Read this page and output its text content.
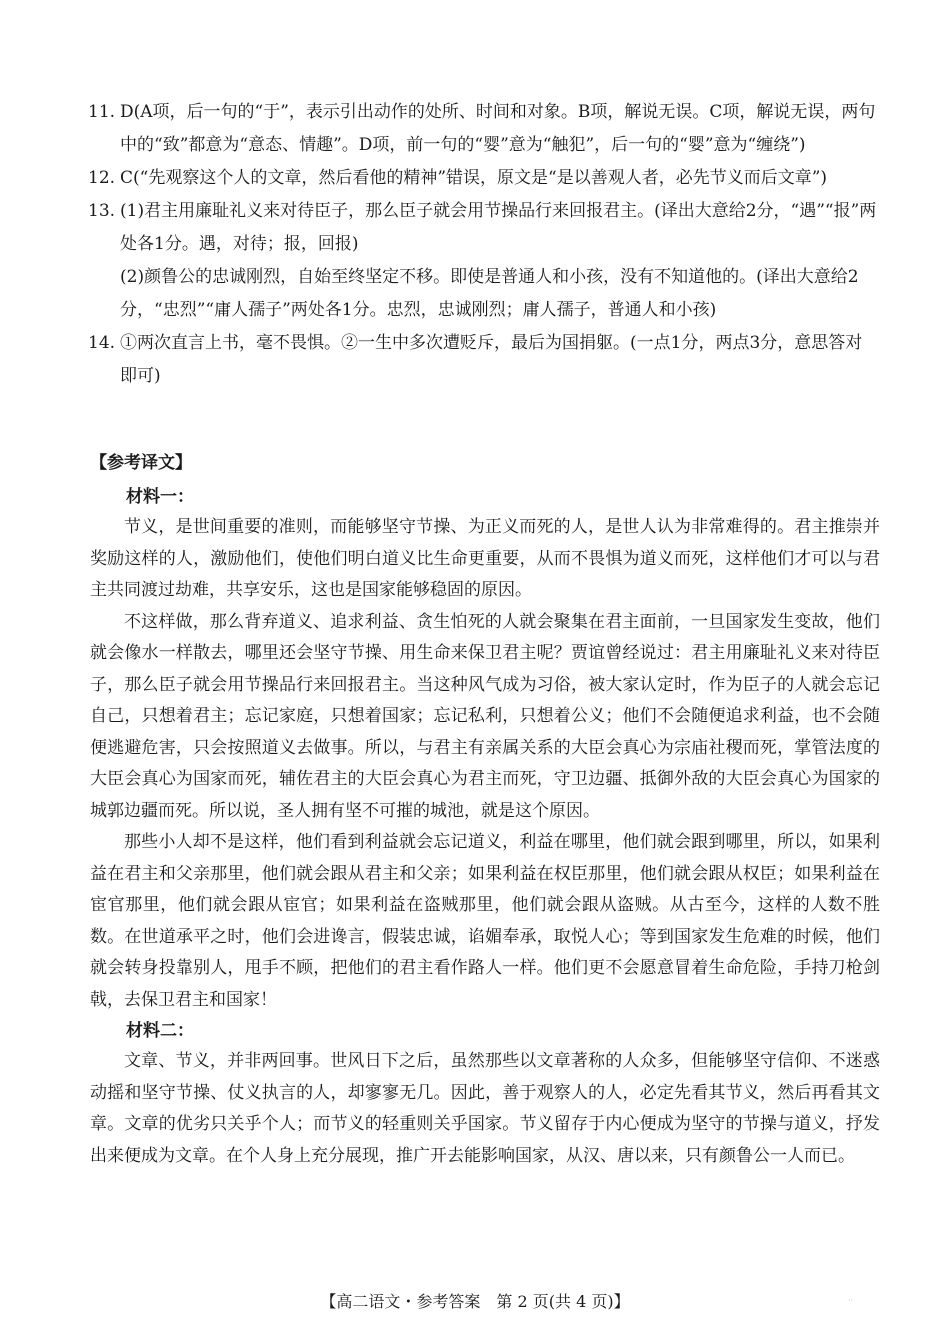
11. D(A项，后一句的“于”，表示引出动作的处所、时间和对象。B项，解说无误。C项，解说无误，两句中的“致”都意为“意态、情趣”。D项，前一句的“婴”意为“触犯”，后一句的“婴”意为“缠绕”)

12. C(“先观察这个人的文章，然后看他的精神”错误，原文是“是以善观人者，必先节义而后文章”)

13. (1)君主用廉耻礼义来对待臣子，那么臣子就会用节操品行来回报君主。(译出大意给2分，“遇”“报”两处各1分。遇，对待；报，回报)

(2)颜鲁公的忠诚刚烈，自始至终坚定不移。即使是普通人和小孩，没有不知道他的。(译出大意给2分，“忠烈”“庸人孺子”两处各1分。忠烈，忠诚刚烈；庸人孺子，普通人和小孩)

14. ①两次直言上书，毫不畏惧。②一生中多次遭贬斥，最后为国捐躯。(一点1分，两点3分，意思答对即可)

【参考译文】

材料一：

节义，是世间重要的准则，而能够坚守节操、为正义而死的人，是世人认为非常难得的。君主推崇并奖励这样的人，激励他们，使他们明白道义比生命更重要，从而不畏惧为道义而死，这样他们才可以与君主共同渡过劫难，共享安乐，这也是国家能够稳固的原因。

不这样做，那么背弃道义、追求利益、贪生怕死的人就会聚集在君主面前，一旦国家发生变故，他们就会像水一样散去，哪里还会坚守节操、用生命来保卫君主呢？贾谊曾经说过：君主用廉耻礼义来对待臣子，那么臣子就会用节操品行来回报君主。当这种风气成为习俗，被大家认定时，作为臣子的人就会忘记自己，只想着君主；忘记家庭，只想着国家；忘记私利，只想着公义；他们不会随便追求利益，也不会随便逃避危害，只会按照道义去做事。所以，与君主有亲属关系的大臣会真心为宗庙社稷而死，掌管法度的大臣会真心为国家而死，辅佐君主的大臣会真心为君主而死，守卫边疆、抵御外敌的大臣会真心为国家的城郭边疆而死。所以说，圣人拥有坚不可摧的城池，就是这个原因。

那些小人却不是这样，他们看到利益就会忘记道义，利益在哪里，他们就会跟到哪里，所以，如果利益在君主和父亲那里，他们就会跟从君主和父亲；如果利益在权臣那里，他们就会跟从权臣；如果利益在宦官那里，他们就会跟从宦官；如果利益在盗贼那里，他们就会跟从盗贼。从古至今，这样的人数不胜数。在世道承平之时，他们会进谗言，假装忠诚，谄媚奉承，取悦人心；等到国家发生危难的时候，他们就会转身投靠别人，甩手不顾，把他们的君主看作路人一样。他们更不会愿意冒着生命危险，手持刀枪剑戟，去保卫君主和国家！

材料二：

文章、节义，并非两回事。世风日下之后，虽然那些以文章著称的人众多，但能够坚守信仰、不迷惑动摇和坚守节操、仗义执言的人，却寥寥无几。因此，善于观察人的人，必定先看其节义，然后再看其文章。文章的优劣只关乎个人；而节义的轻重则关乎国家。节义留存于内心便成为坚守的节操与道义，抒发出来便成为文章。在个人身上充分展现，推广开去能影响国家，从汉、唐以来，只有颜鲁公一人而已。

【高二语文・参考答案　第 2 页(共 4 页)】	··
